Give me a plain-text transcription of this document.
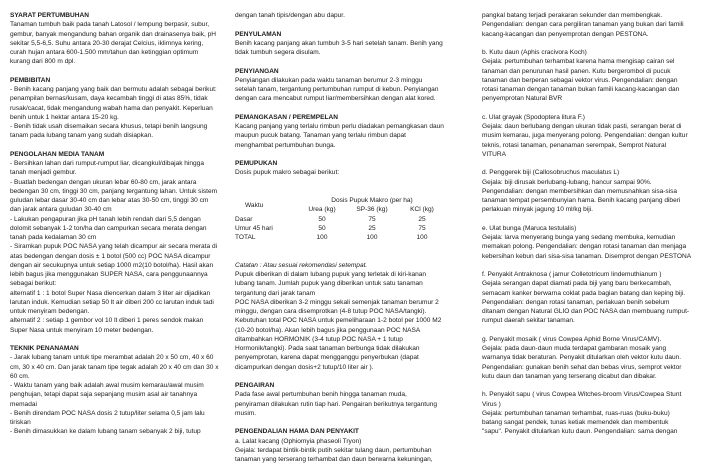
SYARAT PERTUMBUHAN
Tanaman tumbuh baik pada tanah Latosol / lempung berpasir, subur,
gembur, banyak mengandung bahan organik dan drainasenya baik, pH
sekitar 5,5-6,5. Suhu antara 20-30 derajat Celcius, iklimnya kering,
curah hujan antara 600-1.500 mm/tahun dan ketinggian optimum
kurang dari 800 m dpl.
PEMBIBITAN
- Benih kacang panjang yang baik dan bermutu adalah sebagai berikut:
penampilan bernas/kusam, daya kecambah tinggi di atas 85%, tidak
rusak/cacat, tidak mengandung wabah hama dan penyakit. Keperluan
benih untuk 1 hektar antara 15-20 kg.
- Benih tidak usah disemaikan secara khusus, tetapi benih langsung
tanam pada lubang tanam yang sudah disiapkan.
PENGOLAHAN MEDIA TANAM
- Bersihkan lahan dari rumput-rumput liar, dicangkul/dibajak hingga
tanah menjadi gembur.
- Buatlah bedengan dengan ukuran lebar 60-80 cm, jarak antara
bedengan 30 cm, tinggi 30 cm, panjang tergantung lahan. Untuk sistem
guludan lebar dasar 30-40 cm dan lebar atas 30-50 cm, tinggi 30 cm
dan jarak antara guludan 30-40 cm
- Lakukan pengapuran jika pH tanah lebih rendah dari 5,5 dengan
dolomit sebanyak 1-2 ton/ha dan campurkan secara merata dengan
tanah pada kedalaman 30 cm
- Siramkan pupuk POC NASA yang telah dicampur air secara merata di
atas bedengan dengan dosis ± 1 botol (500 cc) POC NASA dicampur
dengan air secukupnya untuk setiap 1000 m2(10 botol/ha). Hasil akan
lebih bagus jika menggunakan SUPER NASA, cara penggunaannya
sebagai berikut:
alternatif 1 : 1 botol Super Nasa diencerkan dalam 3 liter air dijadikan
larutan induk. Kemudian setiap 50 lt air diberi 200 cc larutan induk tadi
untuk menyiram bedengan.
alternatif 2 : setiap 1 gembor vol 10 lt diberi 1 peres sendok makan
Super Nasa untuk menyiram 10 meter bedengan.
TEKNIK PENANAMAN
- Jarak lubang tanam untuk tipe merambat adalah 20 x 50 cm, 40 x 60
cm, 30 x 40 cm. Dan jarak tanam tipe tegak adalah 20 x 40 cm dan 30 x
60 cm.
- Waktu tanam yang baik adalah awal musim kemarau/awal musim
penghujan, tetapi dapat saja sepanjang musim asal air tanahnya
memadai
- Benih direndam POC NASA dosis 2 tutup/liter selama 0,5 jam lalu
tiriskan
- Benih dimasukkan ke dalam lubang tanam sebanyak 2 biji, tutup
dengan tanah tipis/dengan abu dapur.
PENYULAMAN
Benih kacang panjang akan tumbuh 3-5 hari setelah tanam. Benih yang
tidak tumbuh segera disulam.
PENYIANGAN
Penyiangan dilakukan pada waktu tanaman berumur 2-3 minggu
setelah tanam, tergantung pertumbuhan rumput di kebun. Penyiangan
dengan cara mencabut rumput liar/membersihkan dengan alat kored.
PEMANGKASAN / PEREMPELAN
Kacang panjang yang terlalu rimbun perlu diadakan pemangkasan daun
maupun pucuk batang. Tanaman yang terlalu rimbun dapat
menghambat pertumbuhan bunga.
PEMUPUKAN
Dosis pupuk makro sebagai berikut:

Waktu	Dosis Pupuk Makro (per ha)		
	Urea (kg)	SP-36 (kg)	KCl (kg)
Dasar	50	75	25
Umur 45 hari	50	25	75
TOTAL	100	100	100

Catatan : Atau sesuai rekomendasi setempat.
Pupuk diberikan di dalam lubang pupuk yang terletak di kiri-kanan
lubang tanam. Jumlah pupuk yang diberikan untuk satu tanaman
tergantung dari jarak tanam
POC NASA diberikan 3-2 minggu sekali semenjak tanaman berumur 2
minggu, dengan cara disemprotkan (4-8 tutup POC NASA/tangki).
Kebutuhan total POC NASA untuk pemeliharaan 1-2 botol per 1000 M2
(10-20 botol/ha). Akan lebih bagus jika penggunaan POC NASA
ditambahkan HORMONIK (3-4 tutup POC NASA + 1 tutup
Hormonik/tangki). Pada saat tanaman berbunga tidak dilakukan
penyemprotan, karena dapat mengganggu penyerbukan (dapat
dicampurkan dengan dosis+2 tutup/10 liter air ).
PENGAIRAN
Pada fase awal pertumbuhan benih hingga tanaman muda,
penyiraman dilakukan rutin tiap hari. Pengairan berikutnya tergantung
musim.
PENGENDALIAN HAMA DAN PENYAKIT
a. Lalat kacang (Ophiomyia phaseoli Tryon)
Gejala: terdapat bintik-bintik putih sekitar tulang daun, pertumbuhan
tanaman yang terserang terhambat dan daun berwarna kekuningan,
pangkal batang terjadi perakaran sekunder dan membengkak.
Pengendalian: dengan cara pergiliran tanaman yang bukan dari famili
kacang-kacangan dan penyemprotan dengan PESTONA.
b. Kutu daun (Aphis cracivora Koch)
Gejala: pertumbuhan terhambat karena hama mengisap cairan sel
tanaman dan penurunan hasil panen. Kutu bergerombol di pucuk
tanaman dan berperan sebagai vektor virus. Pengendalian: dengan
rotasi tanaman dengan tanaman bukan famili kacang-kacangan dan
penyemprotan Natural BVR
c. Ulat grayak (Spodoptera litura F.)
Gejala: daun berlubang dengan ukuran tidak pasti, serangan berat di
musim kemarau, juga menyerang polong. Pengendalian: dengan kultur
teknis, rotasi tanaman, penanaman serempak, Semprot Natural
VITURA
d. Penggerek biji (Callosobruchus maculatus L)
Gejala: biji dirusak berlubang-lubang, hancur sampai 90%.
Pengendalian: dengan membersihkan dan memusnahkan sisa-sisa
tanaman tempat persembunyian hama. Benih kacang panjang diberi
perlakuan minyak jagung 10 ml/kg biji.
e. Ulat bunga (Maruca testulalis)
Gejala: larva menyerang bunga yang sedang membuka, kemudian
memakan polong. Pengendalian: dengan rotasi tanaman dan menjaga
kebersihan kebun dari sisa-sisa tanaman. Disemprot dengan PESTONA
f. Penyakit Antraknosa ( jamur Colletotricum lindemuthianum )
Gejala serangan dapat diamati pada biji yang baru berkecambah,
semacam kanker berwarna coklat pada bagian batang dan keping biji.
Pengendalian: dengan rotasi tanaman, perlakuan benih sebelum
ditanam dengan Natural GLIO dan POC NASA dan membuang rumput-
rumput daerah sekitar tanaman.
g. Penyakit mosaik ( virus Cowpea Aphid Borne Virus/CAMV).
Gejala: pada daun-daun muda terdapat gambaran mosaik yang
warnanya tidak beraturan. Penyakit ditularkan oleh vektor kutu daun.
Pengendalian: gunakan benih sehat dan bebas virus, semprot vektor
kutu daun dan tanaman yang terserang dicabut dan dibakar.
h. Penyakit sapu ( virus Cowpea Witches-broom Virus/Cowpea Stunt
Virus )
Gejala: pertumbuhan tanaman terhambat, ruas-ruas (buku-buku)
batang sangat pendek, tunas ketiak memendek dan membentuk
"sapu". Penyakit ditularkan kutu daun. Pengendalian: sama dengan
